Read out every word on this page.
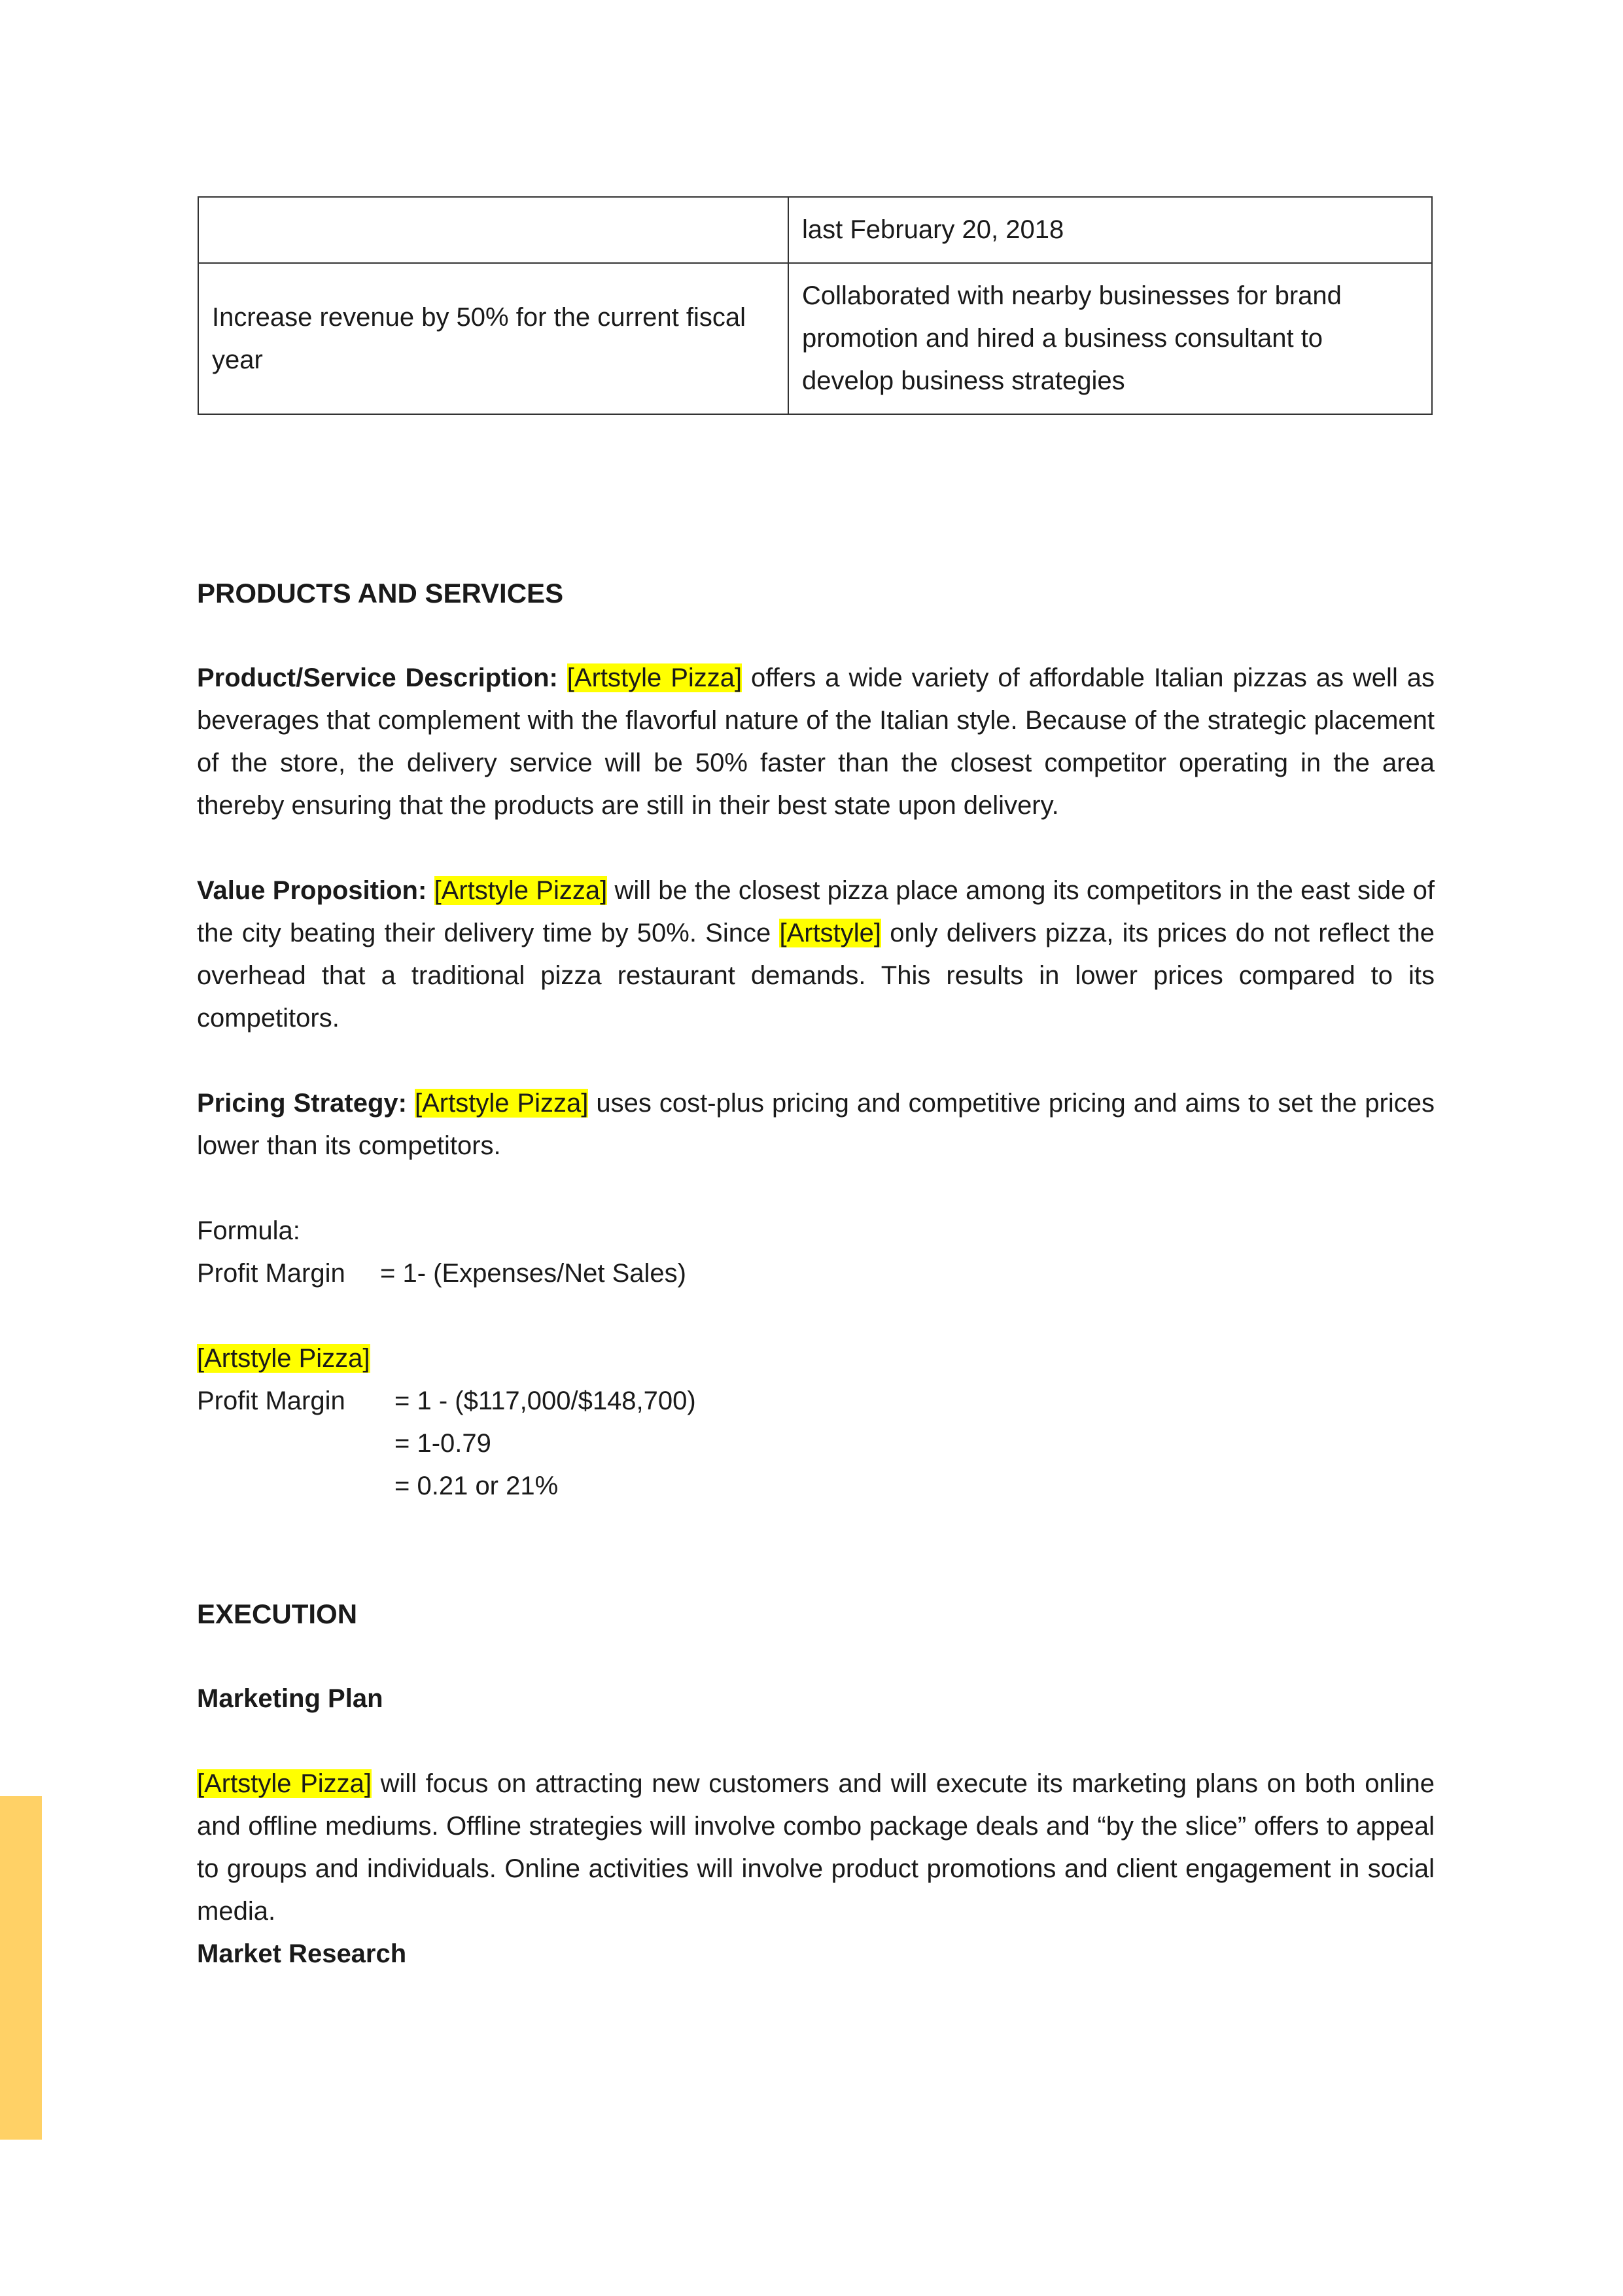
	last February 20, 2018
Increase revenue by 50% for the current fiscal year	Collaborated with nearby businesses for brand promotion and hired a business consultant to develop business strategies
PRODUCTS AND SERVICES

Product/Service Description: [Artstyle Pizza] offers a wide variety of affordable Italian pizzas as well as beverages that complement with the flavorful nature of the Italian style. Because of the strategic placement of the store, the delivery service will be 50% faster than the closest competitor operating in the area thereby ensuring that the products are still in their best state upon delivery.

Value Proposition: [Artstyle Pizza] will be the closest pizza place among its competitors in the east side of the city beating their delivery time by 50%. Since [Artstyle] only delivers pizza, its prices do not reflect the overhead that a traditional pizza restaurant demands. This results in lower prices compared to its competitors.

Pricing Strategy: [Artstyle Pizza] uses cost-plus pricing and competitive pricing and aims to set the prices lower than its competitors.

Formula:
Profit Margin	= 1- (Expenses/Net Sales)
[Artstyle Pizza]
Profit Margin	= 1 - ($117,000/$148,700)
= 1-0.79
= 0.21 or 21%
EXECUTION
Marketing Plan

[Artstyle Pizza] will focus on attracting new customers and will execute its marketing plans on both online and offline mediums. Offline strategies will involve combo package deals and “by the slice” offers to appeal to groups and individuals. Online activities will involve product promotions and client engagement in social media.

Market Research
